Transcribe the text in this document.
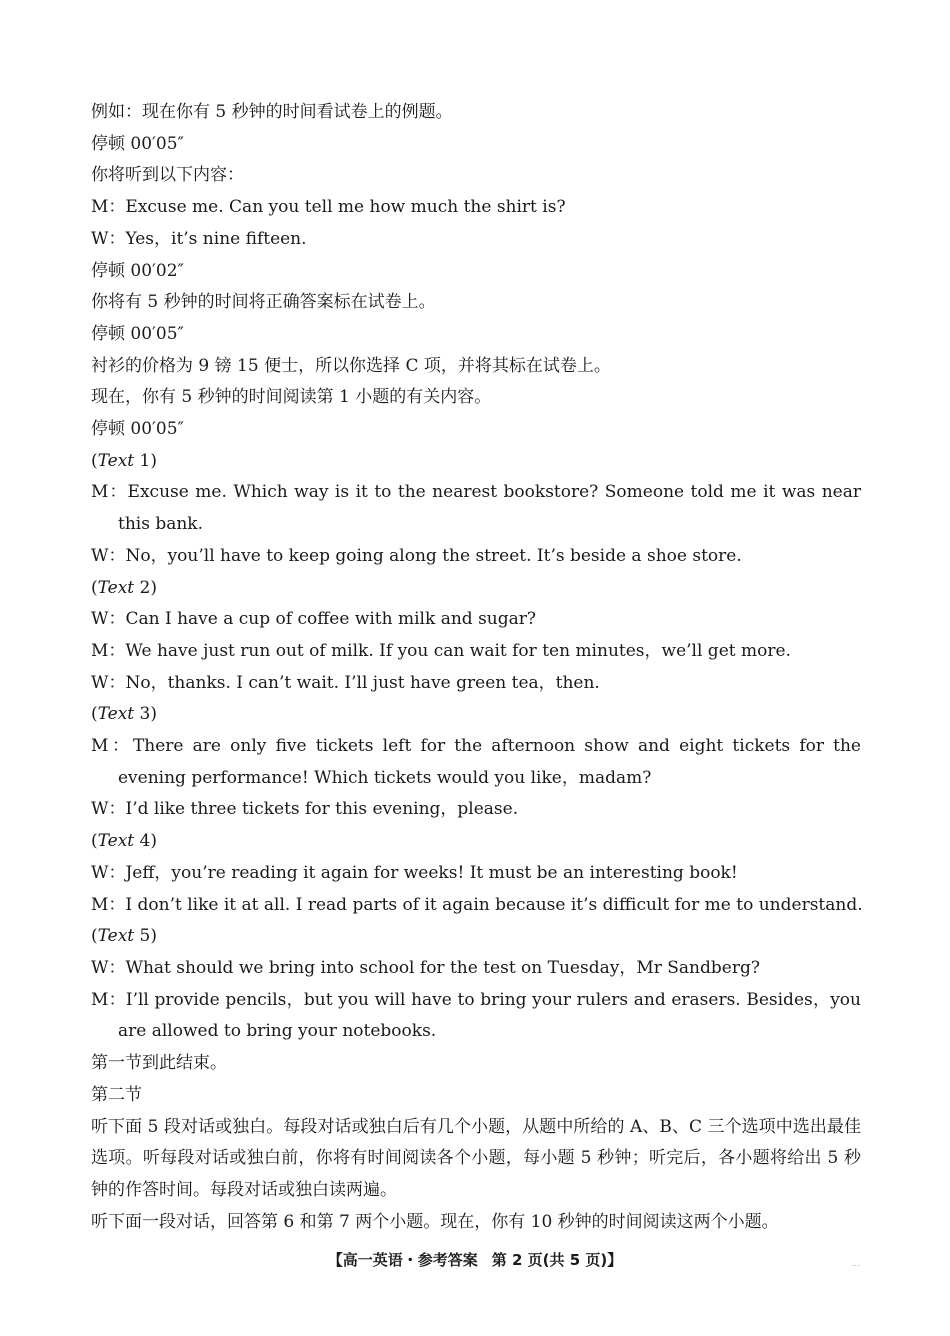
例如：现在你有 5 秒钟的时间看试卷上的例题。
停顿 00′05″
你将听到以下内容：
M：Excuse me. Can you tell me how much the shirt is?
W：Yes，it’s nine fifteen.
停顿 00′02″
你将有 5 秒钟的时间将正确答案标在试卷上。
停顿 00′05″
衬衫的价格为 9 镑 15 便士，所以你选择 C 项，并将其标在试卷上。
现在，你有 5 秒钟的时间阅读第 1 小题的有关内容。
停顿 00′05″
(Text 1)
M：Excuse me. Which way is it to the nearest bookstore? Someone told me it was near this bank.
W：No，you’ll have to keep going along the street. It’s beside a shoe store.
(Text 2)
W：Can I have a cup of coffee with milk and sugar?
M：We have just run out of milk. If you can wait for ten minutes，we’ll get more.
W：No，thanks. I can’t wait. I’ll just have green tea，then.
(Text 3)
M：There are only five tickets left for the afternoon show and eight tickets for the evening performance! Which tickets would you like，madam?
W：I’d like three tickets for this evening，please.
(Text 4)
W：Jeff，you’re reading it again for weeks! It must be an interesting book!
M：I don’t like it at all. I read parts of it again because it’s difficult for me to understand.
(Text 5)
W：What should we bring into school for the test on Tuesday，Mr Sandberg?
M：I’ll provide pencils，but you will have to bring your rulers and erasers. Besides，you are allowed to bring your notebooks.
第一节到此结束。
第二节
听下面 5 段对话或独白。每段对话或独白后有几个小题，从题中所给的 A、B、C 三个选项中选出最佳选项。听每段对话或独白前，你将有时间阅读各个小题，每小题 5 秒钟；听完后，各小题将给出 5 秒钟的作答时间。每段对话或独白读两遍。
听下面一段对话，回答第 6 和第 7 两个小题。现在，你有 10 秒钟的时间阅读这两个小题。
【高一英语・参考答案 第 2 页(共 5 页)】
